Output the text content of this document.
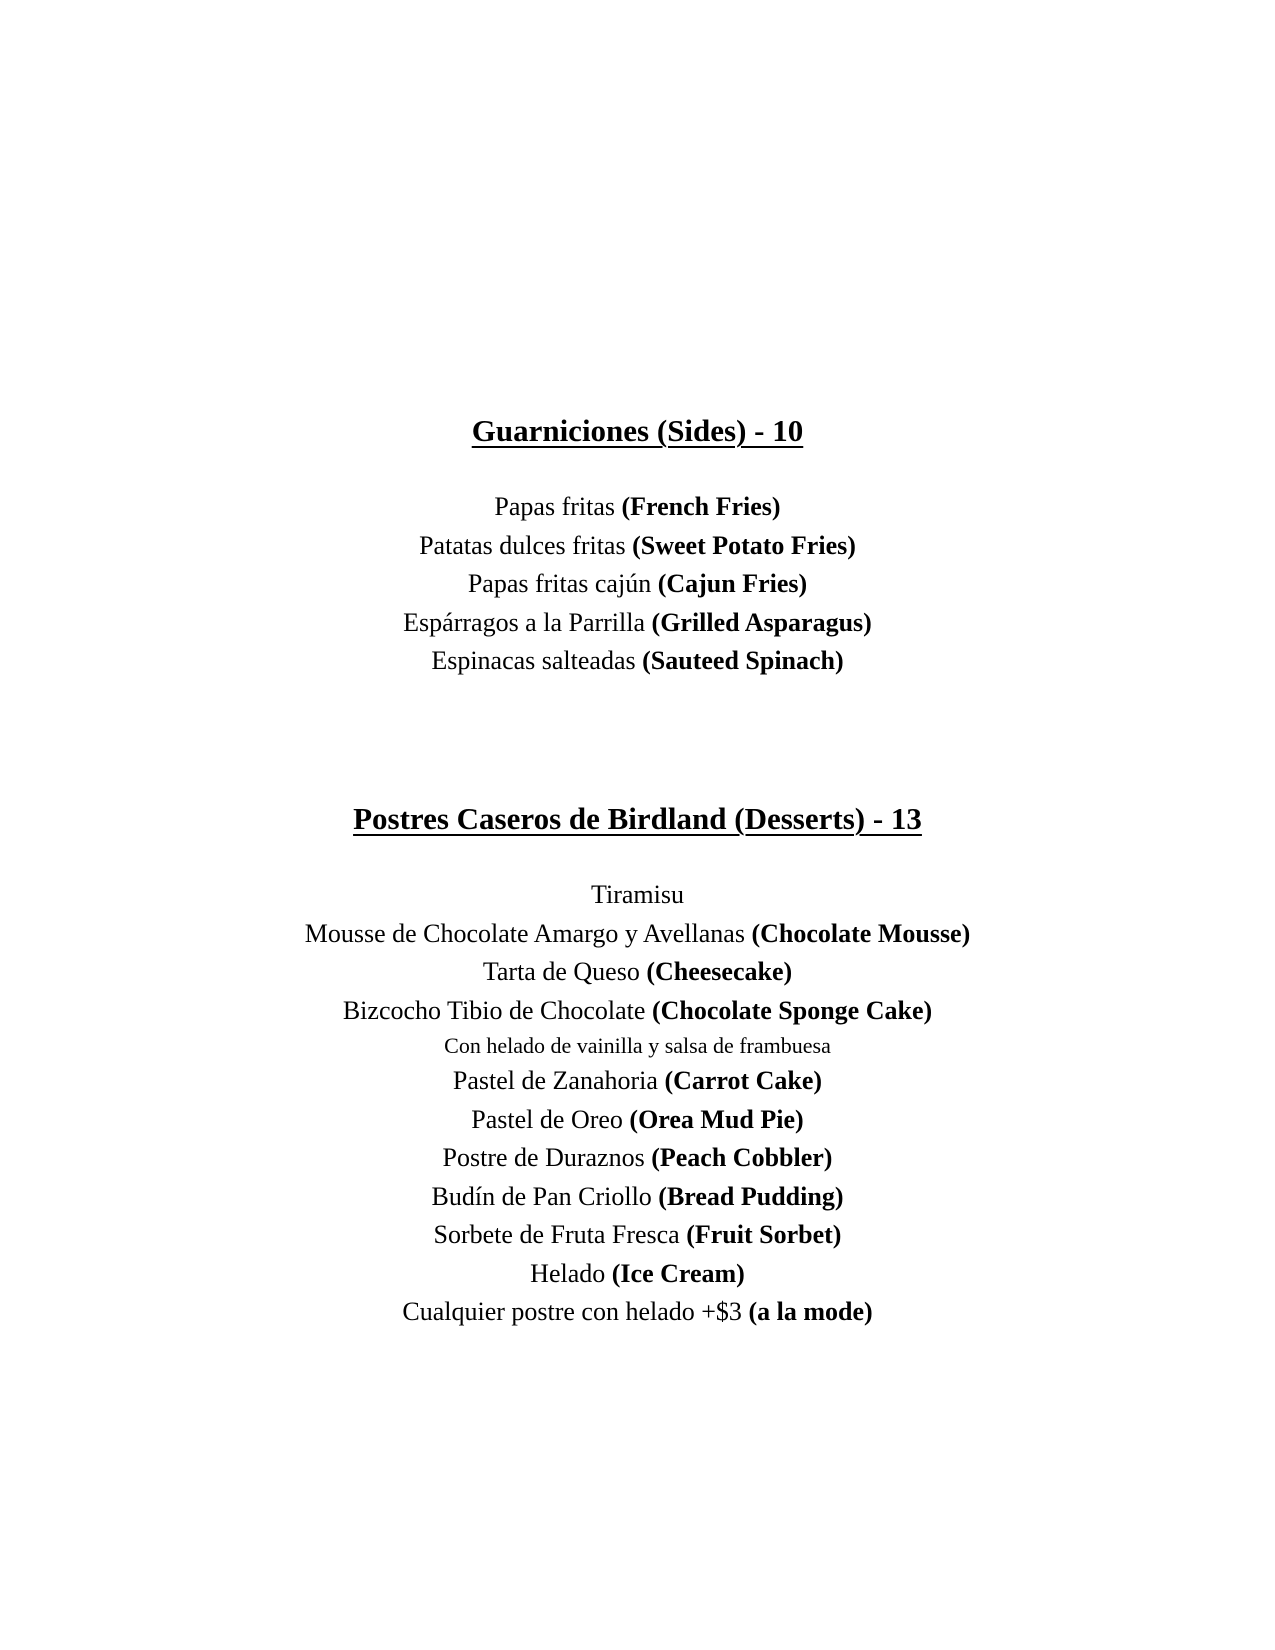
Guarniciones (Sides) - 10
Papas fritas (French Fries)
Patatas dulces fritas (Sweet Potato Fries)
Papas fritas cajún (Cajun Fries)
Espárragos a la Parrilla (Grilled Asparagus)
Espinacas salteadas (Sauteed Spinach)
Postres Caseros de Birdland (Desserts) - 13
Tiramisu
Mousse de Chocolate Amargo y Avellanas (Chocolate Mousse)
Tarta de Queso (Cheesecake)
Bizcocho Tibio de Chocolate (Chocolate Sponge Cake)
Con helado de vainilla y salsa de frambuesa
Pastel de Zanahoria (Carrot Cake)
Pastel de Oreo (Orea Mud Pie)
Postre de Duraznos (Peach Cobbler)
Budín de Pan Criollo (Bread Pudding)
Sorbete de Fruta Fresca (Fruit Sorbet)
Helado (Ice Cream)
Cualquier postre con helado +$3 (a la mode)
